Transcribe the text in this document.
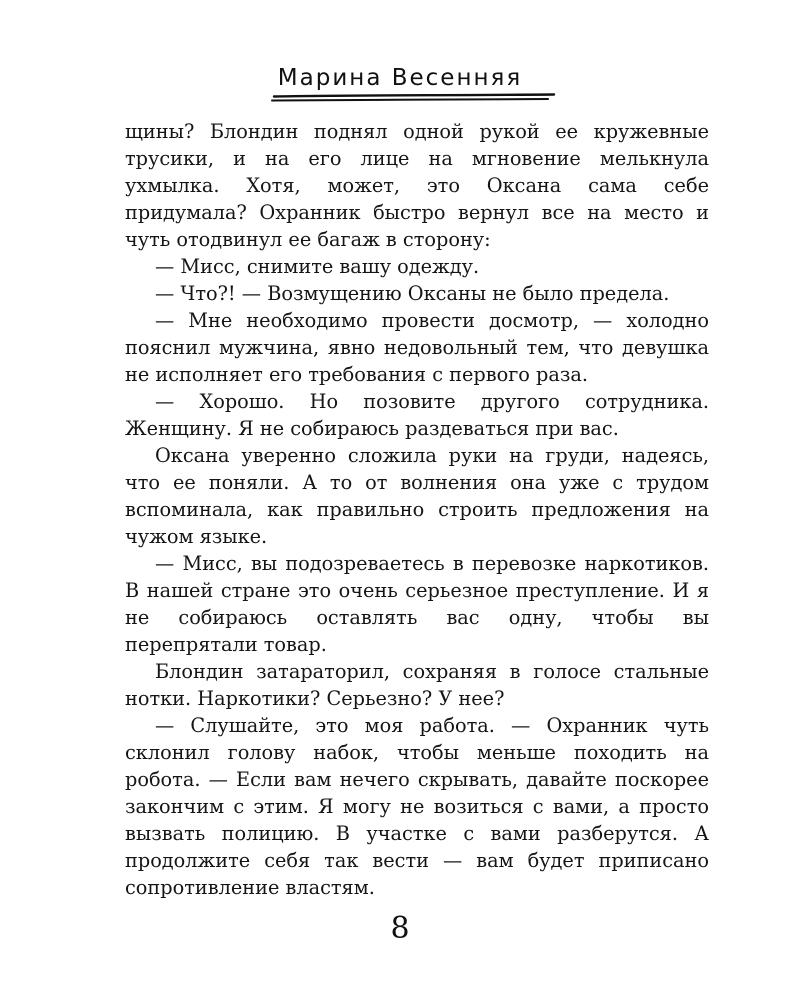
Марина Весенняя

щины? Блондин поднял одной рукой ее кружевные трусики, и на его лице на мгновение мелькнула ухмылка. Хотя, может, это Оксана сама себе придумала? Охранник быстро вернул все на место и чуть отодвинул ее багаж в сторону:

— Мисс, снимите вашу одежду.

— Что?! — Возмущению Оксаны не было предела.

— Мне необходимо провести досмотр, — холодно пояснил мужчина, явно недовольный тем, что девушка не исполняет его требования с первого раза.

— Хорошо. Но позовите другого сотрудника. Женщину. Я не собираюсь раздеваться при вас.

Оксана уверенно сложила руки на груди, надеясь, что ее поняли. А то от волнения она уже с трудом вспоминала, как правильно строить предложения на чужом языке.

— Мисс, вы подозреваетесь в перевозке наркотиков. В нашей стране это очень серьезное преступление. И я не собираюсь оставлять вас одну, чтобы вы перепрятали товар.

Блондин затараторил, сохраняя в голосе стальные нотки. Наркотики? Серьезно? У нее?

— Слушайте, это моя работа. — Охранник чуть склонил голову набок, чтобы меньше походить на робота. — Если вам нечего скрывать, давайте поскорее закончим с этим. Я могу не возиться с вами, а просто вызвать полицию. В участке с вами разберутся. А продолжите себя так вести — вам будет приписано сопротивление властям.

8
